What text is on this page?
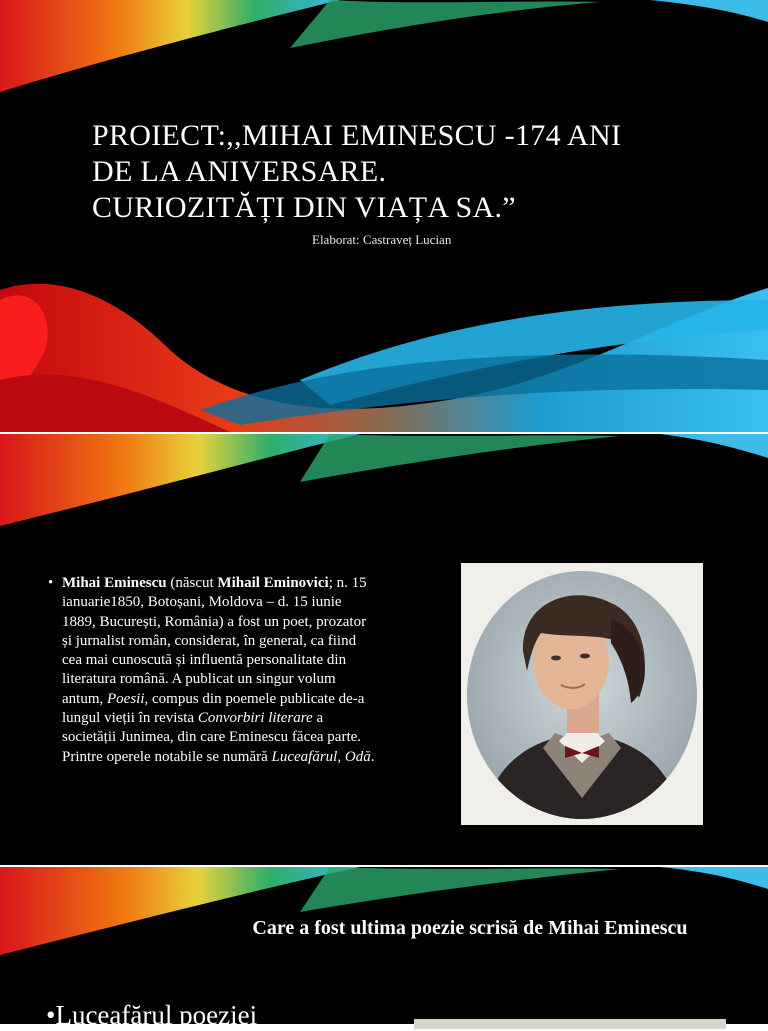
PROIECT:,,MIHAI EMINESCU -174 ANI
DE LA ANIVERSARE.
CURIOZITĂȚI DIN VIAȚA SA.”
Elaborat: Castraveț Lucian
• Mihai Eminescu (născut Mihail Eminovici; n. 15 ianuarie1850, Botoșani, Moldova – d. 15 iunie 1889, București, România) a fost un poet, prozator și jurnalist român, considerat, în general, ca fiind cea mai cunoscută și influentă personalitate din literatura română. A publicat un singur volum antum, Poesii, compus din poemele publicate de-a lungul vieții în revista Convorbiri literare a societății Junimea, din care Eminescu făcea parte. Printre operele notabile se numără Luceafărul, Odă.
Care a fost ultima poezie scrisă de Mihai Eminescu
•Luceafărul poeziei
